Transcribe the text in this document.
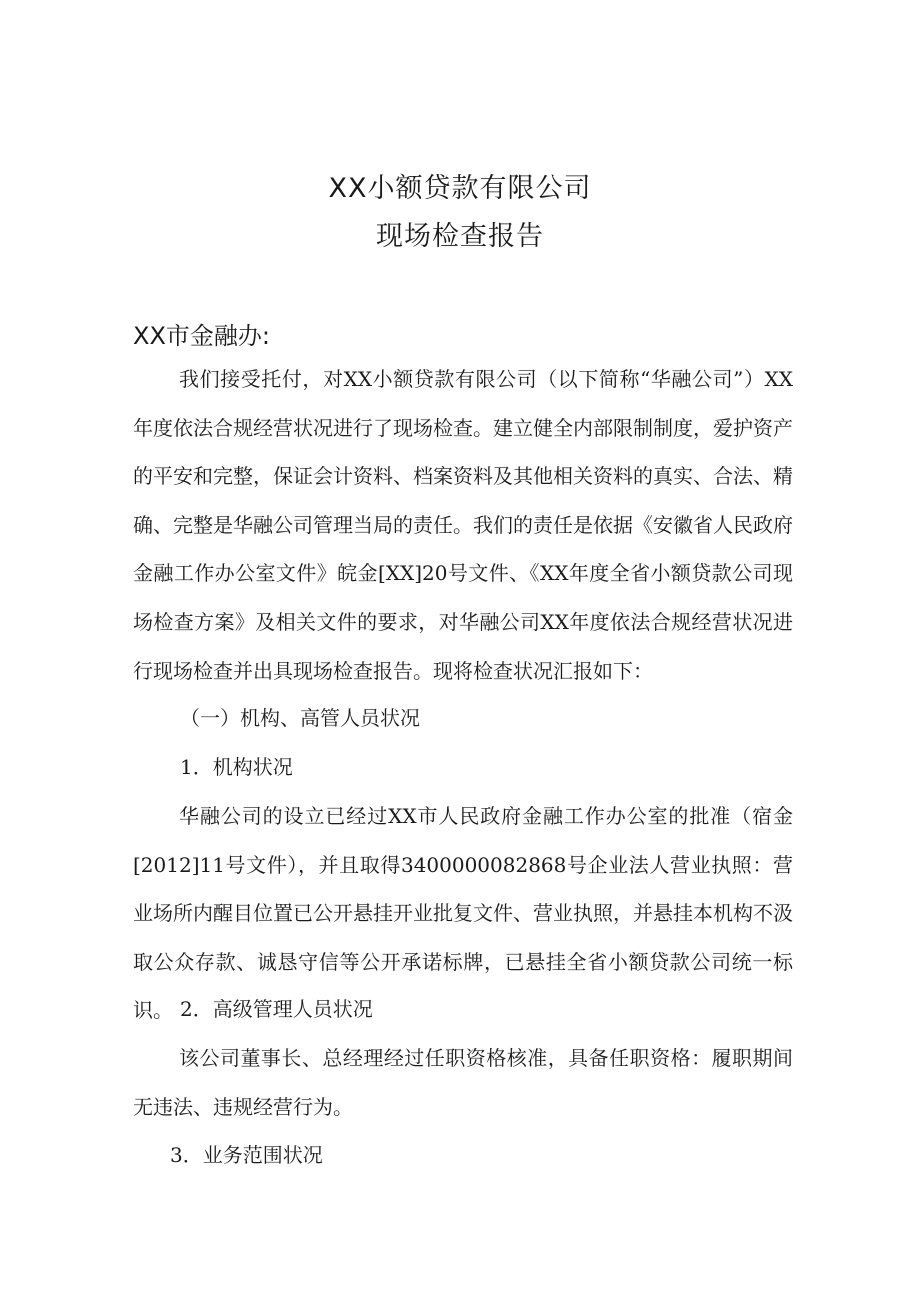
XX小额贷款有限公司
现场检查报告
XX市金融办:

我们接受托付，对XX小额贷款有限公司（以下简称“华融公司”）XX年度依法合规经营状况进行了现场检查。建立健全内部限制制度，爱护资产的平安和完整，保证会计资料、档案资料及其他相关资料的真实、合法、精确、完整是华融公司管理当局的责任。我们的责任是依据《安徽省人民政府金融工作办公室文件》皖金[XX]20号文件、《XX年度全省小额贷款公司现场检查方案》及相关文件的要求，对华融公司XX年度依法合规经营状况进行现场检查并出具现场检查报告。现将检查状况汇报如下：

（一）机构、高管人员状况
1．机构状况

华融公司的设立已经过XX市人民政府金融工作办公室的批准（宿金[2012]11号文件），并且取得3400000082868号企业法人营业执照：营业场所内醒目位置已公开悬挂开业批复文件、营业执照，并悬挂本机构不汲取公众存款、诚恳守信等公开承诺标牌，已悬挂全省小额贷款公司统一标识。 2．高级管理人员状况

该公司董事长、总经理经过任职资格核准，具备任职资格：履职期间无违法、违规经营行为。

3．业务范围状况
